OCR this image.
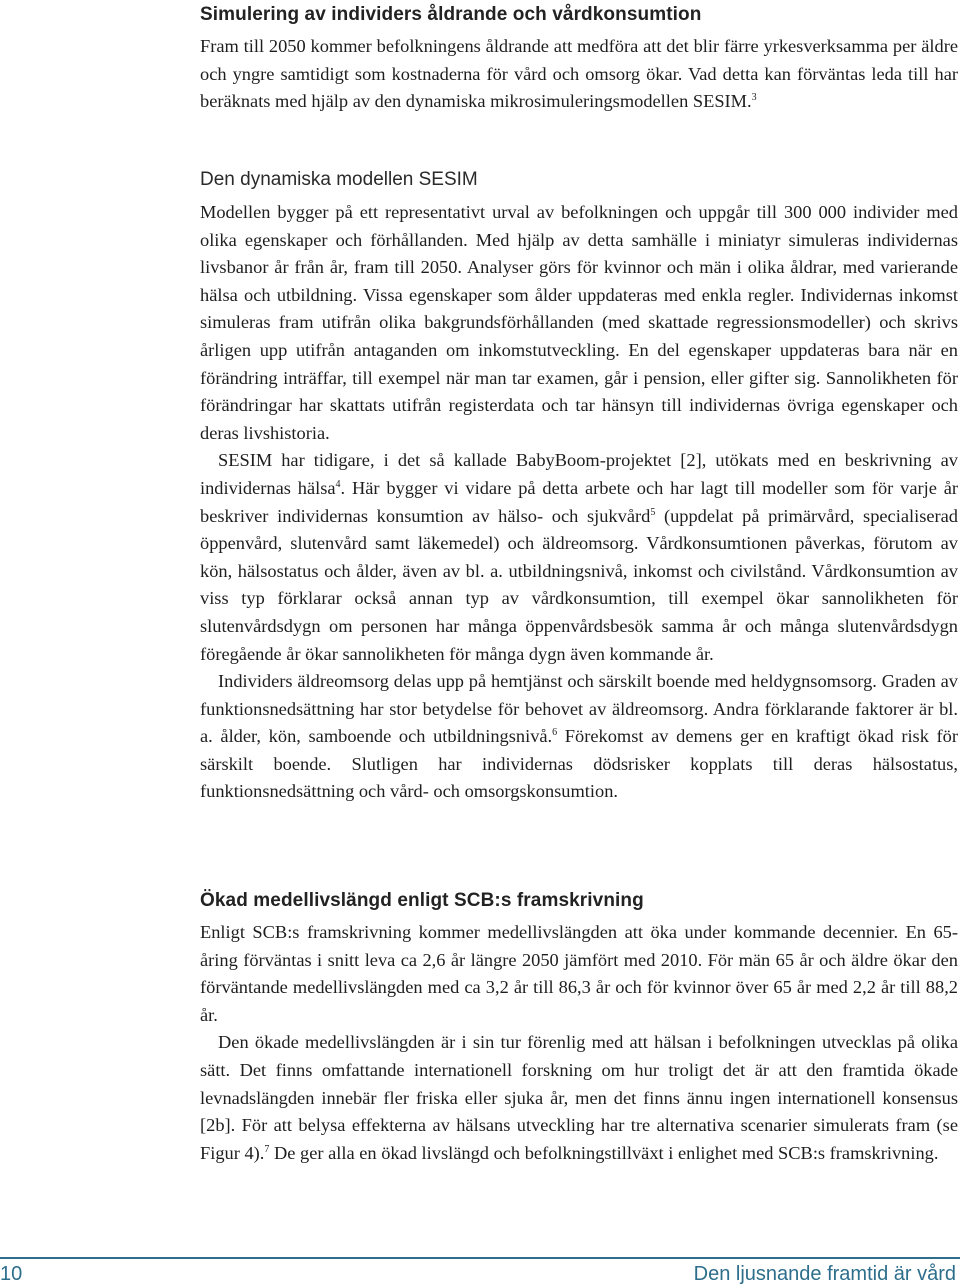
Simulering av individers åldrande och vårdkonsumtion

Fram till 2050 kommer befolkningens åldrande att medföra att det blir färre yrkesverksamma per äldre och yngre samtidigt som kostnaderna för vård och omsorg ökar. Vad detta kan förväntas leda till har beräknats med hjälp av den dynamiska mikrosimuleringsmodellen SESIM.$^3$

Den dynamiska modellen SESIM

Modellen bygger på ett representativt urval av befolkningen och uppgår till 300 000 individer med olika egenskaper och förhållanden. Med hjälp av detta samhälle i miniatyr simuleras individernas livsbanor år från år, fram till 2050. Analyser görs för kvinnor och män i olika åldrar, med varierande hälsa och utbildning. Vissa egenskaper som ålder uppdateras med enkla regler. Individernas inkomst simuleras fram utifrån olika bakgrundsförhållanden (med skattade regressionsmodeller) och skrivs årligen upp utifrån antaganden om inkomstutveckling. En del egenskaper uppdateras bara när en förändring inträffar, till exempel när man tar examen, går i pension, eller gifter sig. Sannolikheten för förändringar har skattats utifrån registerdata och tar hänsyn till individernas övriga egenskaper och deras livshistoria.

SESIM har tidigare, i det så kallade BabyBoom-projektet [2], utökats med en beskrivning av individernas hälsa$^4$. Här bygger vi vidare på detta arbete och har lagt till modeller som för varje år beskriver individernas konsumtion av hälso- och sjukvård$^5$ (uppdelat på primärvård, specialiserad öppenvård, slutenvård samt läkemedel) och äldreomsorg. Vårdkonsumtionen påverkas, förutom av kön, hälsostatus och ålder, även av bl. a. utbildningsnivå, inkomst och civilstånd. Vårdkonsumtion av viss typ förklarar också annan typ av vårdkonsumtion, till exempel ökar sannolikheten för slutenvårdsdygn om personen har många öppenvårdsbesök samma år och många slutenvårdsdygn föregående år ökar sannolikheten för många dygn även kommande år.

Individers äldreomsorg delas upp på hemtjänst och särskilt boende med heldygnsomsorg. Graden av funktionsnedsättning har stor betydelse för behovet av äldreomsorg. Andra förklarande faktorer är bl. a. ålder, kön, samboende och utbildningsnivå.$^6$ Förekomst av demens ger en kraftigt ökad risk för särskilt boende. Slutligen har individernas dödsrisker kopplats till deras hälsostatus, funktionsnedsättning och vård- och omsorgskonsumtion.

Ökad medellivslängd enligt SCB:s framskrivning

Enligt SCB:s framskrivning kommer medellivslängden att öka under kommande decennier. En 65-åring förväntas i snitt leva ca 2,6 år längre 2050 jämfört med 2010. För män 65 år och äldre ökar den förväntande medellivslängden med ca 3,2 år till 86,3 år och för kvinnor över 65 år med 2,2 år till 88,2 år.

Den ökade medellivslängden är i sin tur förenlig med att hälsan i befolkningen utvecklas på olika sätt. Det finns omfattande internationell forskning om hur troligt det är att den framtida ökade levnadslängden innebär fler friska eller sjuka år, men det finns ännu ingen internationell konsensus [2b]. För att belysa effekterna av hälsans utveckling har tre alternativa scenarier simulerats fram (se Figur 4).$^7$ De ger alla en ökad livslängd och befolkningstillväxt i enlighet med SCB:s framskrivning.

10	Den ljusnande framtid är vård
